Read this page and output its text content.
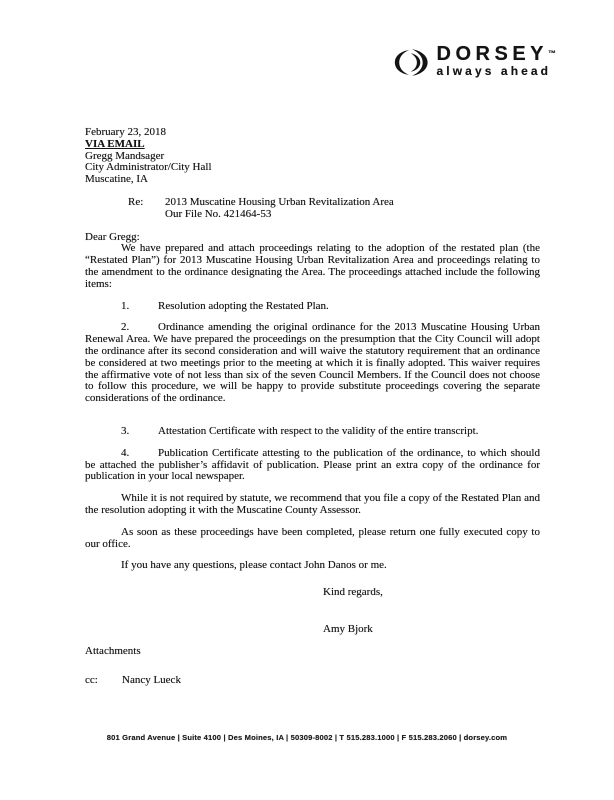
DORSEY™
always ahead

February 23, 2018

VIA EMAIL

Gregg Mandsager

City Administrator/City Hall

Muscatine, IA

Re:	2013 Muscatine Housing Urban Revitalization Area

Our File No. 421464-53

Dear Gregg:

We have prepared and attach proceedings relating to the adoption of the restated plan (the “Restated Plan”) for 2013 Muscatine Housing Urban Revitalization Area and proceedings relating to the amendment to the ordinance designating the Area. The proceedings attached include the following items:

1.	Resolution adopting the Restated Plan.

2.	Ordinance amending the original ordinance for the 2013 Muscatine Housing Urban Renewal Area. We have prepared the proceedings on the presumption that the City Council will adopt the ordinance after its second consideration and will waive the statutory requirement that an ordinance be considered at two meetings prior to the meeting at which it is finally adopted. This waiver requires the affirmative vote of not less than six of the seven Council Members. If the Council does not choose to follow this procedure, we will be happy to provide substitute proceedings covering the separate considerations of the ordinance.

3.	Attestation Certificate with respect to the validity of the entire transcript.

4.	Publication Certificate attesting to the publication of the ordinance, to which should be attached the publisher’s affidavit of publication. Please print an extra copy of the ordinance for publication in your local newspaper.

While it is not required by statute, we recommend that you file a copy of the Restated Plan and the resolution adopting it with the Muscatine County Assessor.

As soon as these proceedings have been completed, please return one fully executed copy to our office.

If you have any questions, please contact John Danos or me.

Kind regards,

Amy Bjork

Attachments

cc:	Nancy Lueck
801 Grand Avenue | Suite 4100 | Des Moines, IA | 50309-8002 | T 515.283.1000 | F 515.283.2060 | dorsey.com
